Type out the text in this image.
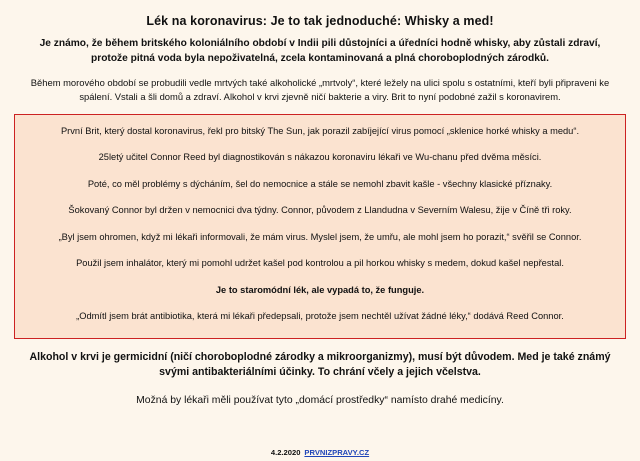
Lék na koronavirus: Je to tak jednoduché: Whisky a med!

Je známo, že během britského koloniálního období v Indii pili důstojníci a úředníci hodně whisky, aby zůstali zdraví, protože pitná voda byla nepoživatelná, zcela kontaminovaná a plná choroboplodných zárodků.

Během morového období se probudili vedle mrtvých také alkoholické „mrtvoly“, které ležely na ulici spolu s ostatními, kteří byli připraveni ke spálení. Vstali a šli domů a zdraví. Alkohol v krvi zjevně ničí bakterie a viry. Brit to nyní podobné zažil s koronavirem.

První Brit, který dostal koronavirus, řekl pro bitský The Sun, jak porazil zabíjející virus pomocí „sklenice horké whisky a medu“.

25letý učitel Connor Reed byl diagnostikován s nákazou koronaviru lékaři ve Wu-chanu před dvěma měsíci.

Poté, co měl problémy s dýcháním, šel do nemocnice a stále se nemohl zbavit kašle - všechny klasické příznaky.

Šokovaný Connor byl držen v nemocnici dva týdny. Connor, původem z Llandudna v Severním Walesu, žije v Číně tři roky.

„Byl jsem ohromen, když mi lékaři informovali, že mám virus. Myslel jsem, že umřu, ale mohl jsem ho porazit,“ svěřil se Connor.

Použil jsem inhalátor, který mi pomohl udržet kašel pod kontrolou a pil horkou whisky s medem, dokud kašel nepřestal.

Je to staromódní lék, ale vypadá to, že funguje.

„Odmítl jsem brát antibiotika, která mi lékaři předepsali, protože jsem nechtěl užívat žádné léky,“ dodává Reed Connor.

Alkohol v krvi je germicidní (ničí choroboplodné zárodky a mikroorganizmy), musí být důvodem. Med je také známý svými antibakteriálními účinky. To chrání včely a jejich včelstva.

Možná by lékaři měli používat tyto „domácí prostředky“ namísto drahé medicíny.

4.2.2020 PRVNIZPRAVY.CZ
